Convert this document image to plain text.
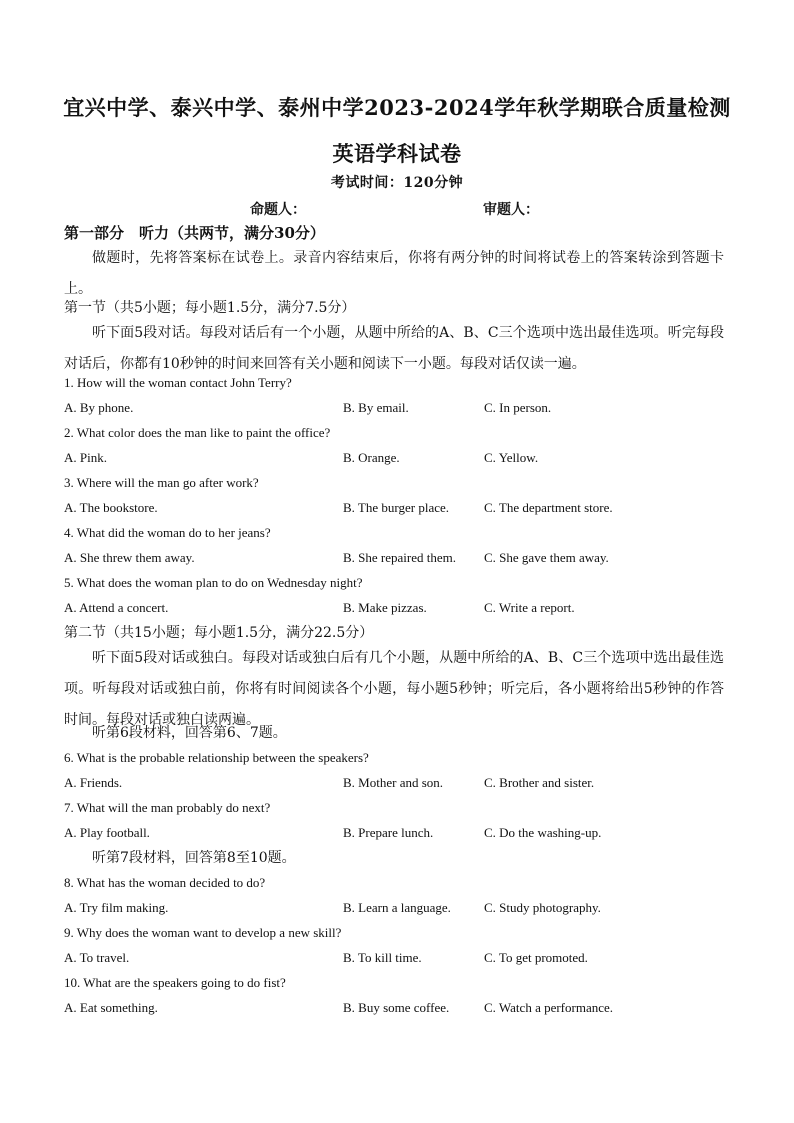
宜兴中学、泰兴中学、泰州中学2023-2024学年秋学期联合质量检测
英语学科试卷
考试时间：120分钟
命题人：	审题人：
第一部分　听力（共两节，满分30分）
做题时，先将答案标在试卷上。录音内容结束后，你将有两分钟的时间将试卷上的答案转涂到答题卡上。
第一节（共5小题；每小题1.5分，满分7.5分）
听下面5段对话。每段对话后有一个小题，从题中所给的A、B、C三个选项中选出最佳选项。听完每段对话后，你都有10秒钟的时间来回答有关小题和阅读下一小题。每段对话仅读一遍。
1. How will the woman contact John Terry?
A. By phone.	B. By email.	C. In person.
2. What color does the man like to paint the office?
A. Pink.	B. Orange.	C. Yellow.
3. Where will the man go after work?
A. The bookstore.	B. The burger place.	C. The department store.
4. What did the woman do to her jeans?
A. She threw them away.	B. She repaired them. C. She gave them away.
5. What does the woman plan to do on Wednesday night?
A. Attend a concert.	B. Make pizzas.	C. Write a report.
第二节（共15小题；每小题1.5分，满分22.5分）
听下面5段对话或独白。每段对话或独白后有几个小题，从题中所给的A、B、C三个选项中选出最佳选项。听每段对话或独白前，你将有时间阅读各个小题，每小题5秒钟；听完后，各小题将给出5秒钟的作答时间。每段对话或独白读两遍。
听第6段材料，回答第6、7题。
6. What is the probable relationship between the speakers?
A. Friends.	B. Mother and son.	C. Brother and sister.
7. What will the man probably do next?
A. Play football.	B. Prepare lunch.	C. Do the washing-up.
听第7段材料，回答第8至10题。
8. What has the woman decided to do?
A. Try film making.	B. Learn a language.	C. Study photography.
9. Why does the woman want to develop a new skill?
A. To travel.	B. To kill time.	C. To get promoted.
10. What are the speakers going to do fist?
A. Eat something.	B. Buy some coffee.	C. Watch a performance.
